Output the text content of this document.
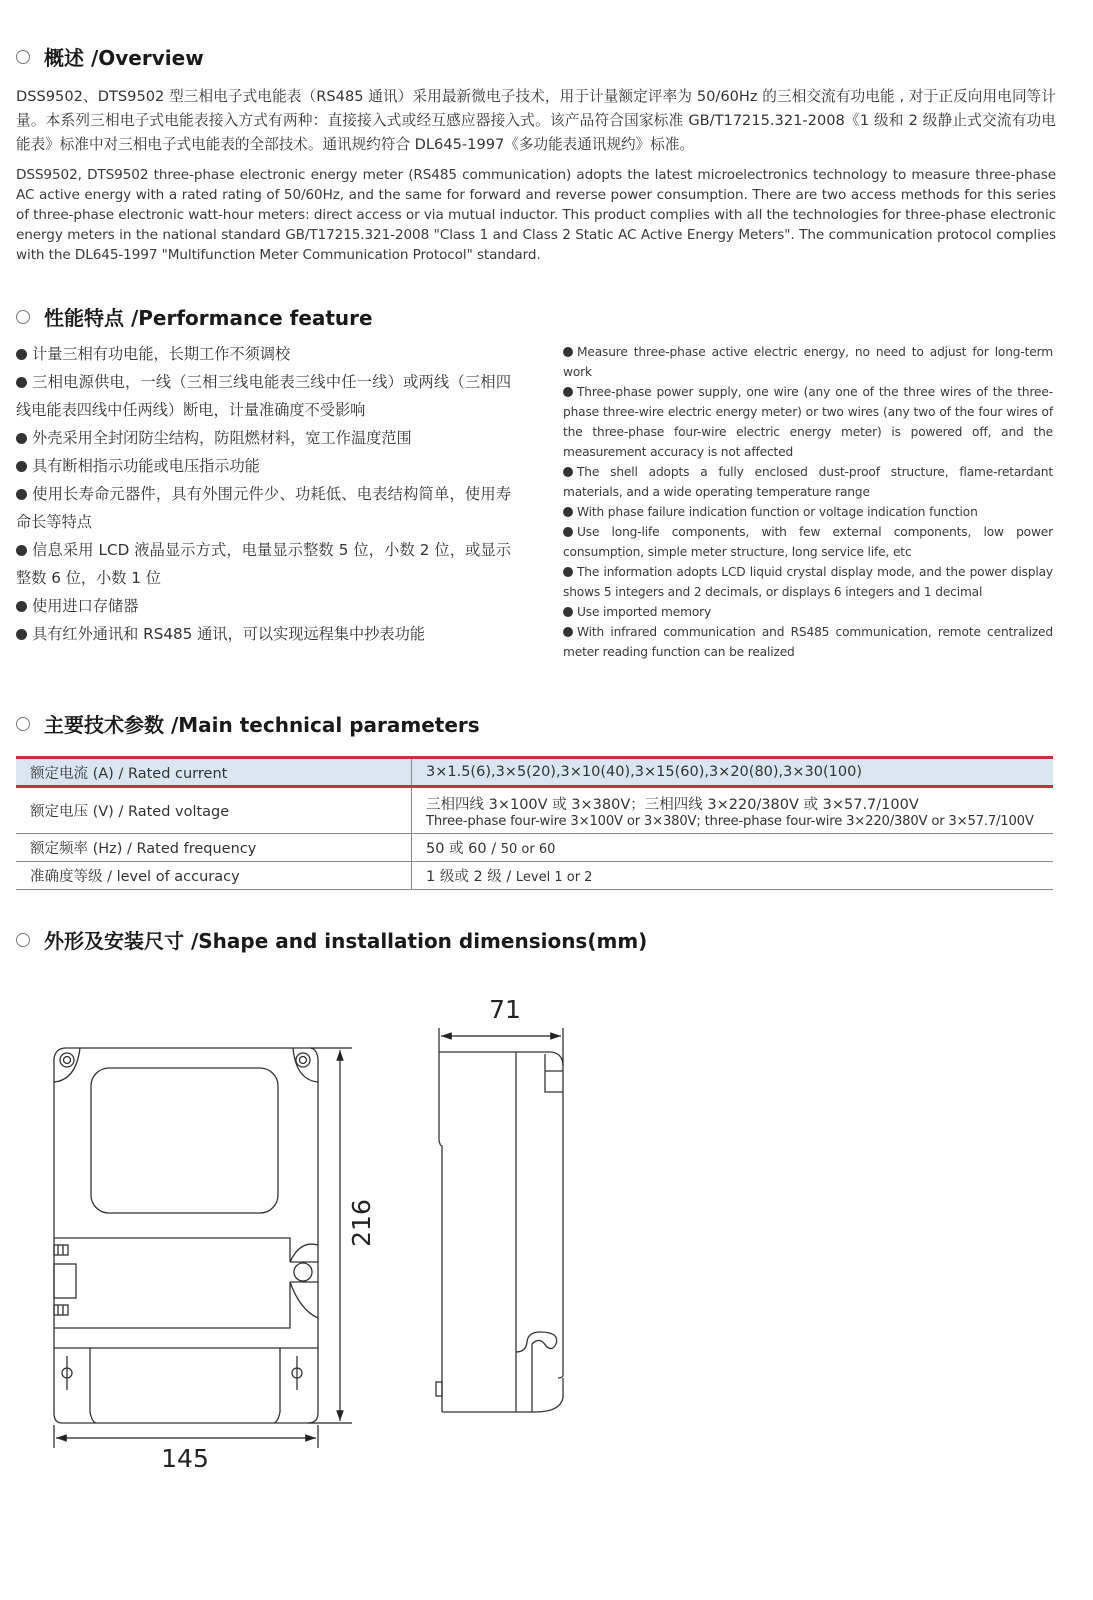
概述 /Overview
DSS9502、DTS9502 型三相电子式电能表（RS485 通讯）采用最新微电子技术，用于计量额定评率为 50/60Hz 的三相交流有功电能 , 对于正反向用电同等计量。本系列三相电子式电能表接入方式有两种：直接接入式或经互感应器接入式。该产品符合国家标准 GB/T17215.321-2008《1 级和 2 级静止式交流有功电能表》标准中对三相电子式电能表的全部技术。通讯规约符合 DL645-1997《多功能表通讯规约》标准。
DSS9502, DTS9502 three-phase electronic energy meter (RS485 communication) adopts the latest microelectronics technology to measure three-phase AC active energy with a rated rating of 50/60Hz, and the same for forward and reverse power consumption. There are two access methods for this series of three-phase electronic watt-hour meters: direct access or via mutual inductor. This product complies with all the technologies for three-phase electronic energy meters in the national standard GB/T17215.321-2008 "Class 1 and Class 2 Static AC Active Energy Meters". The communication protocol complies with the DL645-1997 "Multifunction Meter Communication Protocol" standard.
性能特点 /Performance feature
计量三相有功电能，长期工作不须调校
三相电源供电，一线（三相三线电能表三线中任一线）或两线（三相四线电能表四线中任两线）断电，计量准确度不受影响
外壳采用全封闭防尘结构，防阻燃材料，宽工作温度范围
具有断相指示功能或电压指示功能
使用长寿命元器件，具有外围元件少、功耗低、电表结构简单，使用寿命长等特点
信息采用 LCD 液晶显示方式，电量显示整数 5 位，小数 2 位，或显示整数 6 位，小数 1 位
使用进口存储器
具有红外通讯和 RS485 通讯，可以实现远程集中抄表功能
Measure three-phase active electric energy, no need to adjust for long-term work
Three-phase power supply, one wire (any one of the three wires of the three-phase three-wire electric energy meter) or two wires (any two of the four wires of the three-phase four-wire electric energy meter) is powered off, and the measurement accuracy is not affected
The shell adopts a fully enclosed dust-proof structure, flame-retardant materials, and a wide operating temperature range
With phase failure indication function or voltage indication function
Use long-life components, with few external components, low power consumption, simple meter structure, long service life, etc
The information adopts LCD liquid crystal display mode, and the power display shows 5 integers and 2 decimals, or displays 6 integers and 1 decimal
Use imported memory
With infrared communication and RS485 communication, remote centralized meter reading function can be realized
主要技术参数 /Main technical parameters
额定电流 (A) / Rated current	3×1.5(6),3×5(20),3×10(40),3×15(60),3×20(80),3×30(100)
额定电压 (V) / Rated voltage	三相四线 3×100V 或 3×380V；三相四线 3×220/380V 或 3×57.7/100V
Three-phase four-wire 3×100V or 3×380V; three-phase four-wire 3×220/380V or 3×57.7/100V

额定频率 (Hz) / Rated frequency	50 或 60 / 50 or 60
准确度等级 / level of accuracy	1 级或 2 级 / Level 1 or 2
外形及安装尺寸 /Shape and installation dimensions(mm)
145
216
71
